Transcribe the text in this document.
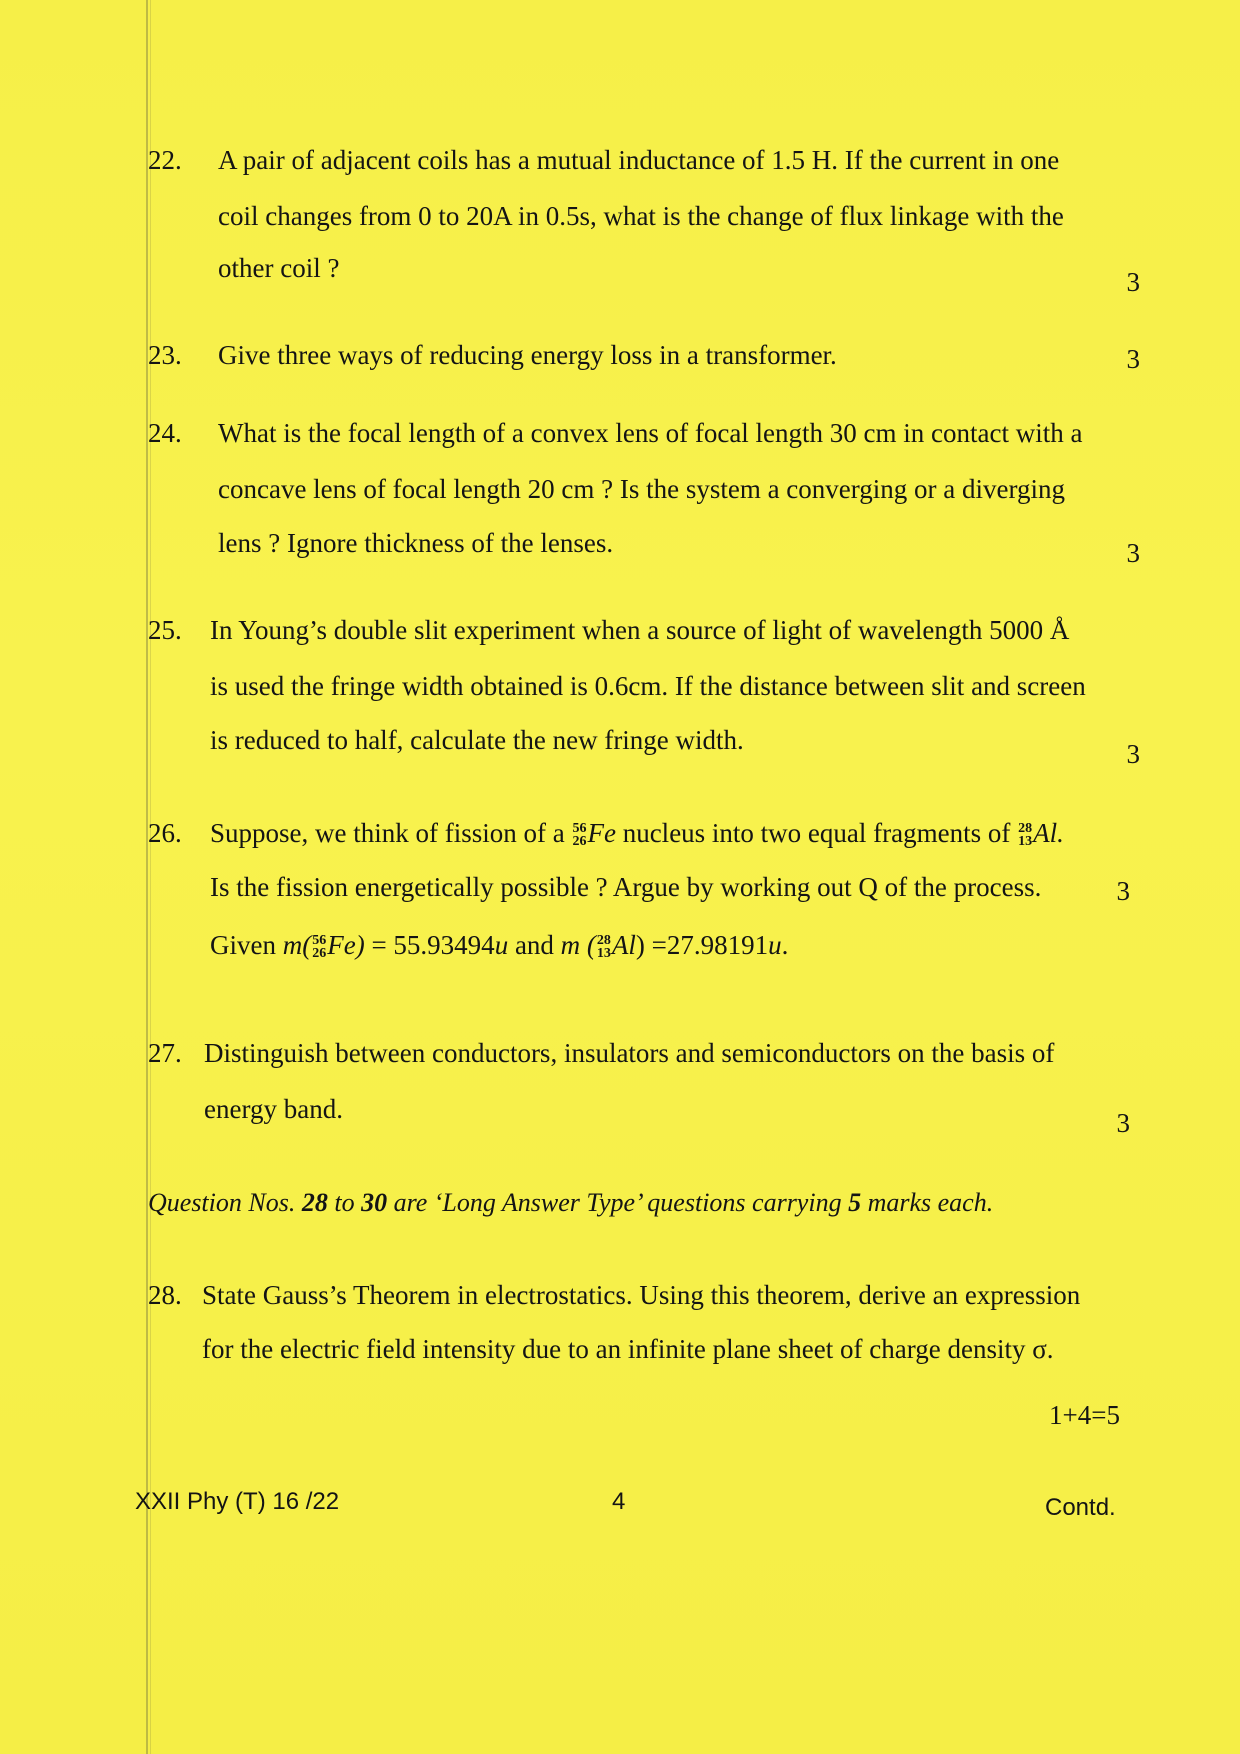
22. A pair of adjacent coils has a mutual inductance of 1.5 H. If the current in one
coil changes from 0 to 20A in 0.5s, what is the change of flux linkage with the
other coil ?	3
23. Give three ways of reducing energy loss in a transformer.	3
24. What is the focal length of a convex lens of focal length 30 cm in contact with a
concave lens of focal length 20 cm ? Is the system a converging or a diverging
lens ? Ignore thickness of the lenses.	3
25. In Young’s double slit experiment when a source of light of wavelength 5000 Å
is used the fringe width obtained is 0.6cm. If the distance between slit and screen
is reduced to half, calculate the new fringe width.	3
26. Suppose, we think of fission of a 56
26 Fe nucleus into two equal fragments of 28
13 Al.
Is the fission energetically possible ? Argue by working out Q of the process.	3
Given m( 56
26 Fe) = 55.93494u and m ( 28
13 Al) =27.98191u.
27. Distinguish between conductors, insulators and semiconductors on the basis of
energy band.	3
Question Nos. 28 to 30 are ‘Long Answer Type’ questions carrying 5 marks each.
28.
XXII Phy (T) 16 /22	4	Contd.
State Gauss’s Theorem in electrostatics. Using this theorem, derive an expression
for the electric field intensity due to an infinite plane sheet of charge density σ.
1+4=5
